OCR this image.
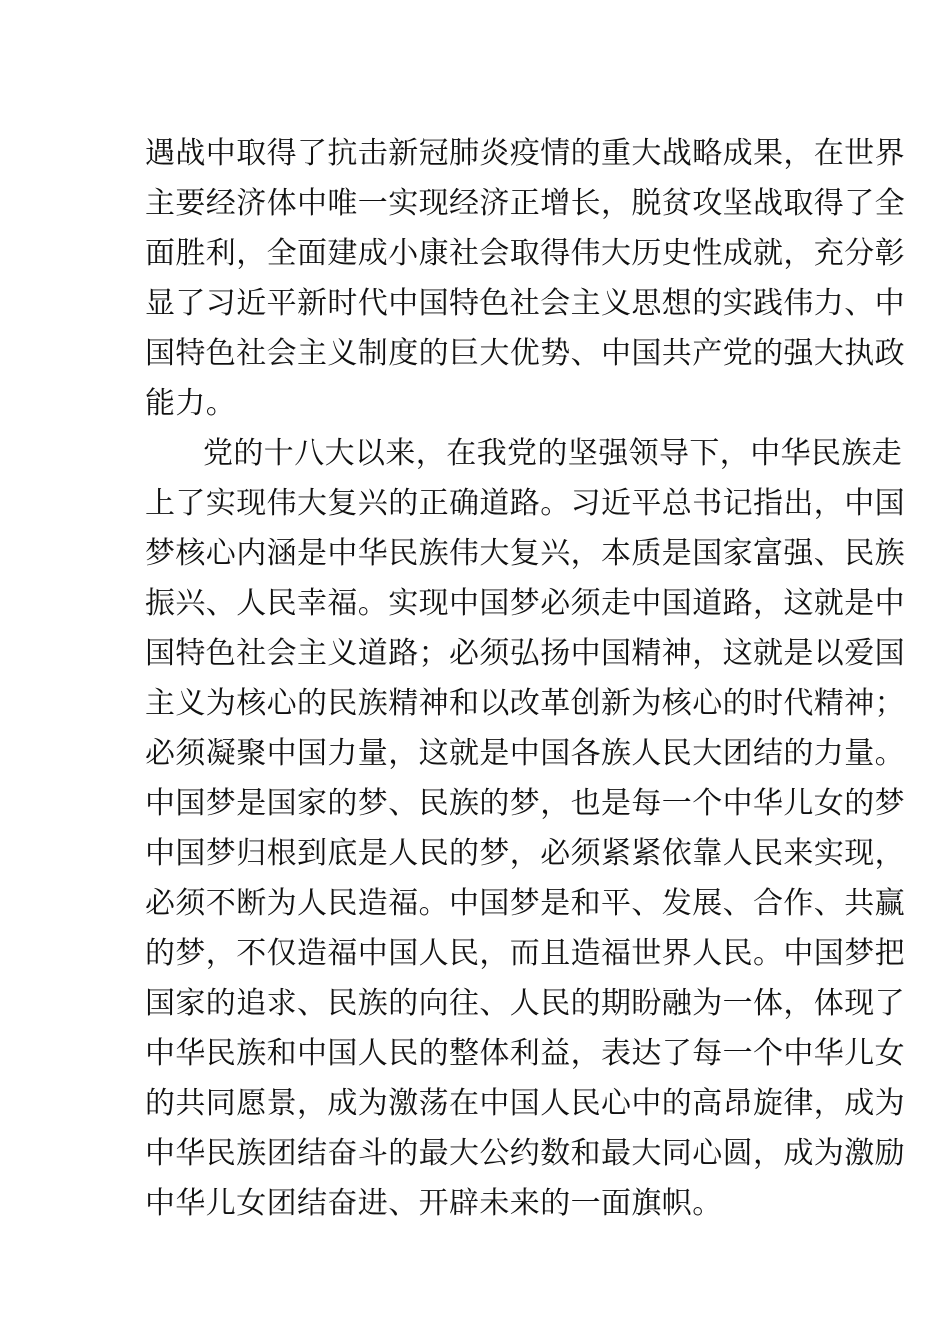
遇战中取得了抗击新冠肺炎疫情的重大战略成果，在世界
主要经济体中唯一实现经济正增长，脱贫攻坚战取得了全
面胜利，全面建成小康社会取得伟大历史性成就，充分彰
显了习近平新时代中国特色社会主义思想的实践伟力、中
国特色社会主义制度的巨大优势、中国共产党的强大执政
能力。
党的十八大以来，在我党的坚强领导下，中华民族走
上了实现伟大复兴的正确道路。习近平总书记指出，中国
梦核心内涵是中华民族伟大复兴，本质是国家富强、民族
振兴、人民幸福。实现中国梦必须走中国道路，这就是中
国特色社会主义道路；必须弘扬中国精神，这就是以爱国
主义为核心的民族精神和以改革创新为核心的时代精神；
必须凝聚中国力量，这就是中国各族人民大团结的力量。
中国梦是国家的梦、民族的梦，也是每一个中华儿女的梦
中国梦归根到底是人民的梦，必须紧紧依靠人民来实现，
必须不断为人民造福。中国梦是和平、发展、合作、共赢
的梦，不仅造福中国人民，而且造福世界人民。中国梦把
国家的追求、民族的向往、人民的期盼融为一体，体现了
中华民族和中国人民的整体利益，表达了每一个中华儿女
的共同愿景，成为激荡在中国人民心中的高昂旋律，成为
中华民族团结奋斗的最大公约数和最大同心圆，成为激励
中华儿女团结奋进、开辟未来的一面旗帜。
